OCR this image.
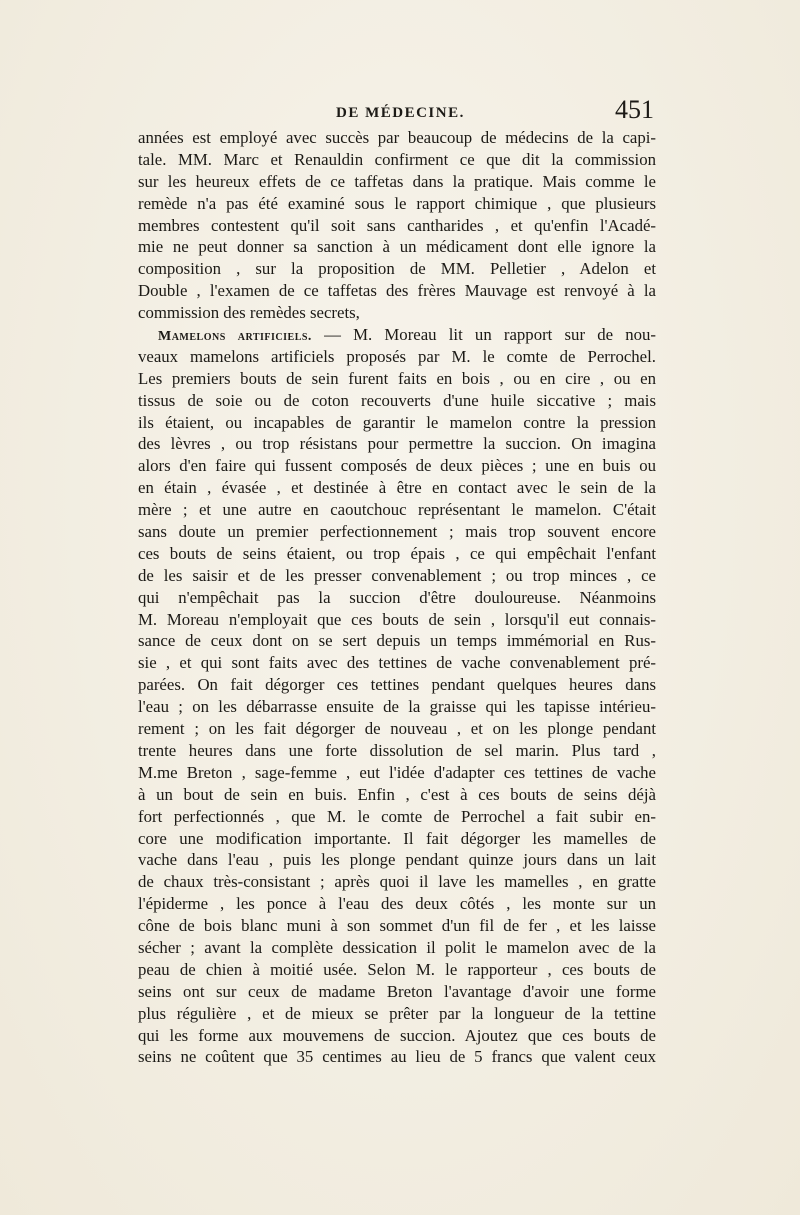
DE MÉDECINE.	451
années est employé avec succès par beaucoup de médecins de la capi-
tale. MM. Marc et Renauldin confirment ce que dit la commission
sur les heureux effets de ce taffetas dans la pratique. Mais comme le
remède n'a pas été examiné sous le rapport chimique , que plusieurs
membres contestent qu'il soit sans cantharides , et qu'enfin l'Acadé-
mie ne peut donner sa sanction à un médicament dont elle ignore la
composition , sur la proposition de MM. Pelletier , Adelon et
Double , l'examen de ce taffetas des frères Mauvage est renvoyé à la
commission des remèdes secrets,
Mamelons artificiels. — M. Moreau lit un rapport sur de nou-
veaux mamelons artificiels proposés par M. le comte de Perrochel.
Les premiers bouts de sein furent faits en bois , ou en cire , ou en
tissus de soie ou de coton recouverts d'une huile siccative ; mais
ils étaient, ou incapables de garantir le mamelon contre la pression
des lèvres , ou trop résistans pour permettre la succion. On imagina
alors d'en faire qui fussent composés de deux pièces ; une en buis ou
en étain , évasée , et destinée à être en contact avec le sein de la
mère ; et une autre en caoutchouc représentant le mamelon. C'était
sans doute un premier perfectionnement ; mais trop souvent encore
ces bouts de seins étaient, ou trop épais , ce qui empêchait l'enfant
de les saisir et de les presser convenablement ; ou trop minces , ce
qui n'empêchait pas la succion d'être douloureuse. Néanmoins
M. Moreau n'employait que ces bouts de sein , lorsqu'il eut connais-
sance de ceux dont on se sert depuis un temps immémorial en Rus-
sie , et qui sont faits avec des tettines de vache convenablement pré-
parées. On fait dégorger ces tettines pendant quelques heures dans
l'eau ; on les débarrasse ensuite de la graisse qui les tapisse intérieu-
rement ; on les fait dégorger de nouveau , et on les plonge pendant
trente heures dans une forte dissolution de sel marin. Plus tard ,
M.me Breton , sage-femme , eut l'idée d'adapter ces tettines de vache
à un bout de sein en buis. Enfin , c'est à ces bouts de seins déjà
fort perfectionnés , que M. le comte de Perrochel a fait subir en-
core une modification importante. Il fait dégorger les mamelles de
vache dans l'eau , puis les plonge pendant quinze jours dans un lait
de chaux très-consistant ; après quoi il lave les mamelles , en gratte
l'épiderme , les ponce à l'eau des deux côtés , les monte sur un
cône de bois blanc muni à son sommet d'un fil de fer , et les laisse
sécher ; avant la complète dessication il polit le mamelon avec de la
peau de chien à moitié usée. Selon M. le rapporteur , ces bouts de
seins ont sur ceux de madame Breton l'avantage d'avoir une forme
plus régulière , et de mieux se prêter par la longueur de la tettine
qui les forme aux mouvemens de succion. Ajoutez que ces bouts de
seins ne coûtent que 35 centimes au lieu de 5 francs que valent ceux
